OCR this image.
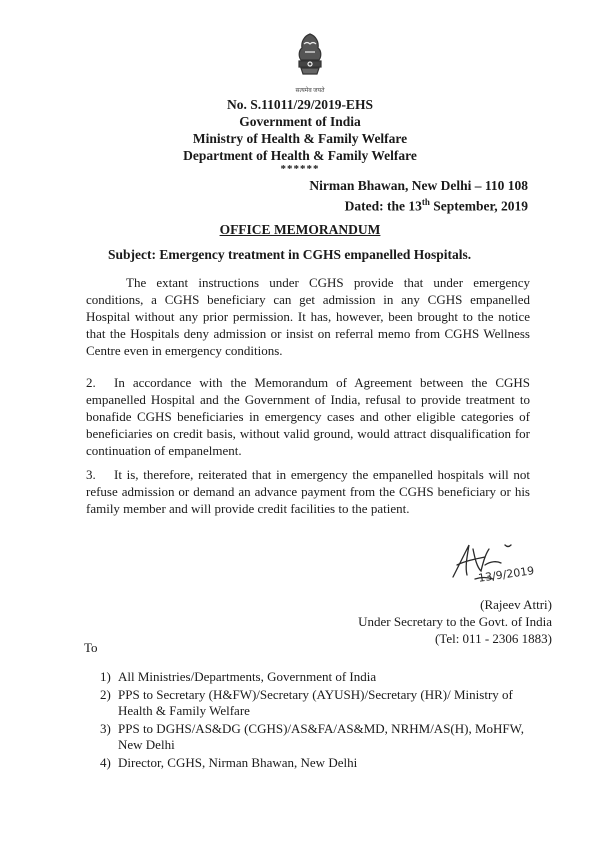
सत्यमेव जयते
No. S.11011/29/2019-EHS
Government of India
Ministry of Health & Family Welfare
Department of Health & Family Welfare
******
Nirman Bhawan, New Delhi – 110 108
Dated: the 13th September, 2019
OFFICE MEMORANDUM
Subject: Emergency treatment in CGHS empanelled Hospitals.
The extant instructions under CGHS provide that under emergency conditions, a CGHS beneficiary can get admission in any CGHS empanelled Hospital without any prior permission. It has, however, been brought to the notice that the Hospitals deny admission or insist on referral memo from CGHS Wellness Centre even in emergency conditions.
2. In accordance with the Memorandum of Agreement between the CGHS empanelled Hospital and the Government of India, refusal to provide treatment to bonafide CGHS beneficiaries in emergency cases and other eligible categories of beneficiaries on credit basis, without valid ground, would attract disqualification for continuation of empanelment.
3. It is, therefore, reiterated that in emergency the empanelled hospitals will not refuse admission or demand an advance payment from the CGHS beneficiary or his family member and will provide credit facilities to the patient.
13/9/2019
(Rajeev Attri)
Under Secretary to the Govt. of India
(Tel: 011 - 2306 1883)
To
1) All Ministries/Departments, Government of India
2) PPS to Secretary (H&FW)/Secretary (AYUSH)/Secretary (HR)/ Ministry of Health & Family Welfare
3) PPS to DGHS/AS&DG (CGHS)/AS&FA/AS&MD, NRHM/AS(H), MoHFW, New Delhi
4) Director, CGHS, Nirman Bhawan, New Delhi
